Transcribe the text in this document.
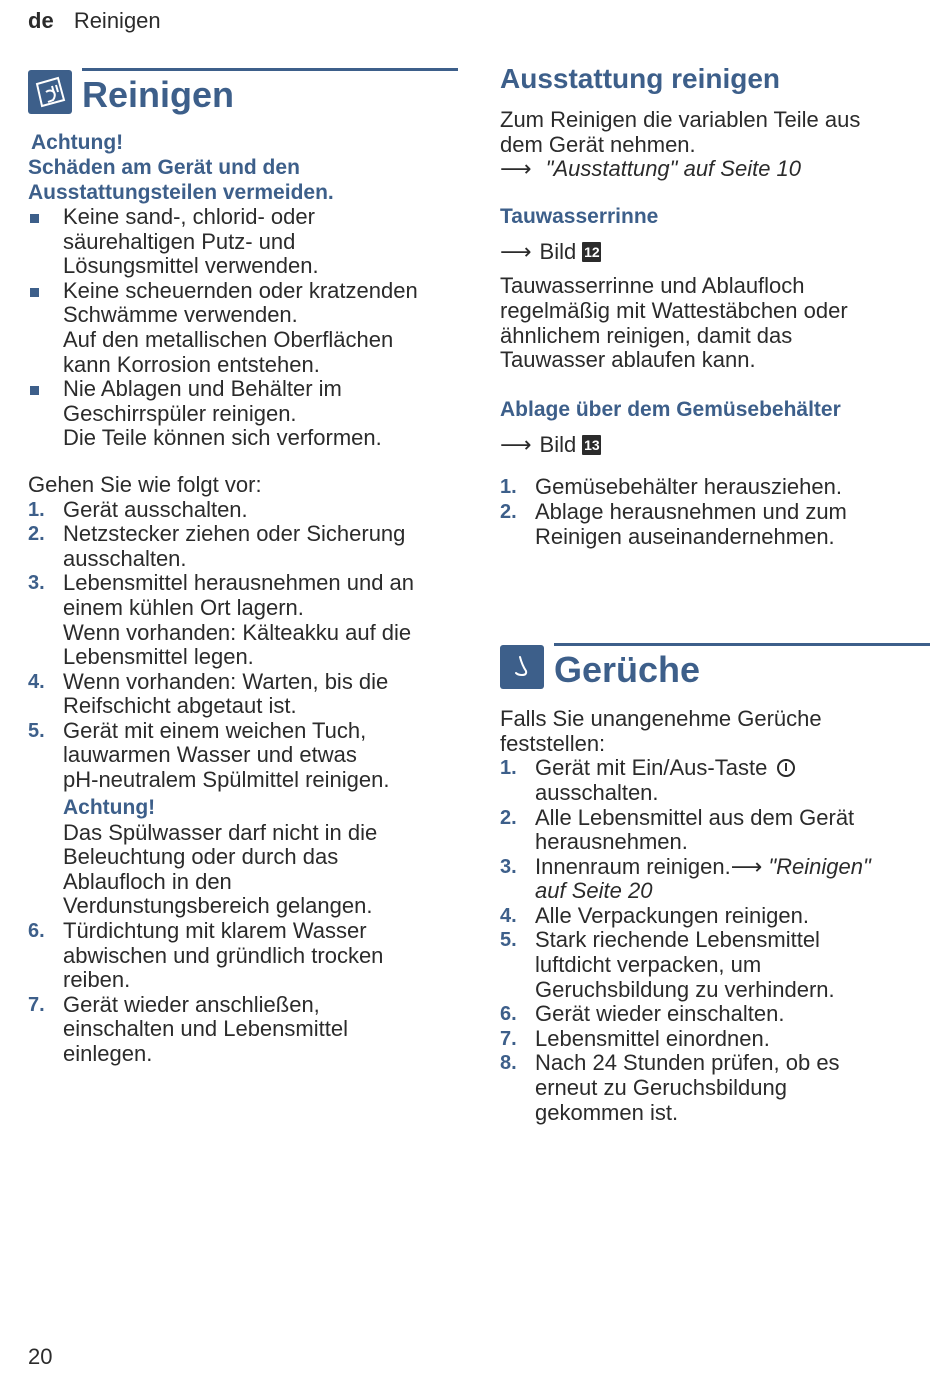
de Reinigen
Reinigen
Achtung!
Schäden am Gerät und den Ausstattungsteilen vermeiden.
Keine sand-, chlorid- oder
säurehaltigen Putz- und
Lösungsmittel verwenden.
Keine scheuernden oder kratzenden
Schwämme verwenden.
Auf den metallischen Oberflächen
kann Korrosion entstehen.
Nie Ablagen und Behälter im
Geschirrspüler reinigen.
Die Teile können sich verformen.

Gehen Sie wie folgt vor:

1. Gerät ausschalten.
2. Netzstecker ziehen oder Sicherung
ausschalten.
3. Lebensmittel herausnehmen und an
einem kühlen Ort lagern.
Wenn vorhanden: Kälteakku auf die
Lebensmittel legen.
4. Wenn vorhanden: Warten, bis die
Reifschicht abgetaut ist.
5. Gerät mit einem weichen Tuch,
lauwarmen Wasser und etwas
pH-neutralem Spülmittel reinigen.
Achtung!
Das Spülwasser darf nicht in die
Beleuchtung oder durch das
Ablaufloch in den
Verdunstungsbereich gelangen.
6. Türdichtung mit klarem Wasser
abwischen und gründlich trocken
reiben.
7. Gerät wieder anschließen,
einschalten und Lebensmittel
einlegen.
Ausstattung reinigen
Zum Reinigen die variablen Teile aus
dem Gerät nehmen.
⟶ "Ausstattung" auf Seite 10
Tauwasserrinne
⟶ Bild 12
Tauwasserrinne und Ablaufloch
regelmäßig mit Wattestäbchen oder
ähnlichem reinigen, damit das
Tauwasser ablaufen kann.
Ablage über dem Gemüsebehälter
⟶ Bild 13
1. Gemüsebehälter herausziehen.
2. Ablage herausnehmen und zum
Reinigen auseinandernehmen.
Gerüche
Falls Sie unangenehme Gerüche
feststellen:
1. Gerät mit Ein/Aus-Taste
ausschalten.
2. Alle Lebensmittel aus dem Gerät
herausnehmen.
3. Innenraum reinigen.⟶ "Reinigen"
auf Seite 20
4. Alle Verpackungen reinigen.
5. Stark riechende Lebensmittel
luftdicht verpacken, um
Geruchsbildung zu verhindern.
6. Gerät wieder einschalten.
7. Lebensmittel einordnen.
8. Nach 24 Stunden prüfen, ob es
erneut zu Geruchsbildung
gekommen ist.
20
